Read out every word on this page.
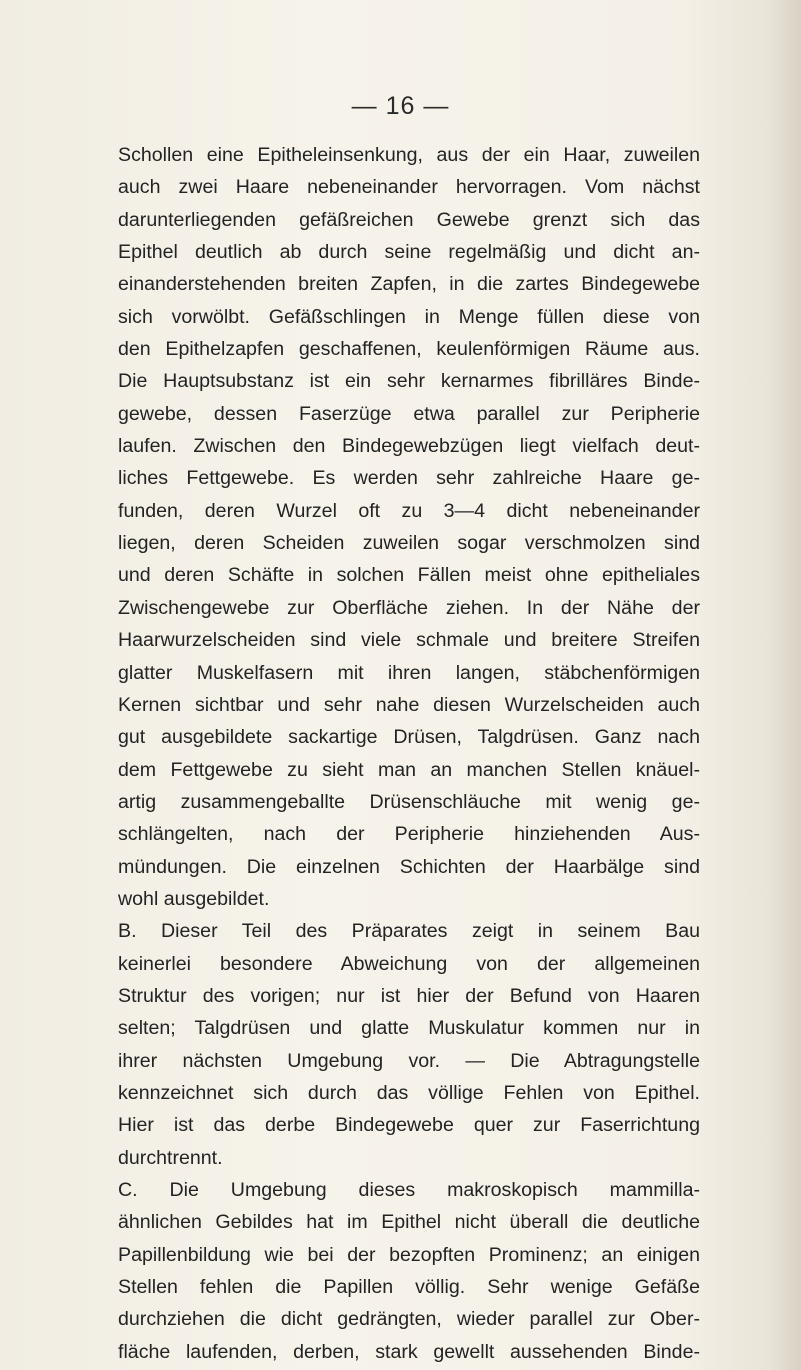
— 16 —
Schollen eine Epitheleinsenkung, aus der ein Haar, zuweilen
auch zwei Haare nebeneinander hervorragen. Vom nächst
darunterliegenden gefäßreichen Gewebe grenzt sich das
Epithel deutlich ab durch seine regelmäßig und dicht an-
einanderstehenden breiten Zapfen, in die zartes Bindegewebe
sich vorwölbt. Gefäßschlingen in Menge füllen diese von
den Epithelzapfen geschaffenen, keulenförmigen Räume aus.
Die Hauptsubstanz ist ein sehr kernarmes fibrilläres Binde-
gewebe, dessen Faserzüge etwa parallel zur Peripherie
laufen. Zwischen den Bindegewebzügen liegt vielfach deut-
liches Fettgewebe. Es werden sehr zahlreiche Haare ge-
funden, deren Wurzel oft zu 3—4 dicht nebeneinander
liegen, deren Scheiden zuweilen sogar verschmolzen sind
und deren Schäfte in solchen Fällen meist ohne epitheliales
Zwischengewebe zur Oberfläche ziehen. In der Nähe der
Haarwurzelscheiden sind viele schmale und breitere Streifen
glatter Muskelfasern mit ihren langen, stäbchenförmigen
Kernen sichtbar und sehr nahe diesen Wurzelscheiden auch
gut ausgebildete sackartige Drüsen, Talgdrüsen. Ganz nach
dem Fettgewebe zu sieht man an manchen Stellen knäuel-
artig zusammengeballte Drüsenschläuche mit wenig ge-
schlängelten, nach der Peripherie hinziehenden Aus-
mündungen. Die einzelnen Schichten der Haarbälge sind
wohl ausgebildet.
B. Dieser Teil des Präparates zeigt in seinem Bau
keinerlei besondere Abweichung von der allgemeinen
Struktur des vorigen; nur ist hier der Befund von Haaren
selten; Talgdrüsen und glatte Muskulatur kommen nur in
ihrer nächsten Umgebung vor. — Die Abtragungstelle
kennzeichnet sich durch das völlige Fehlen von Epithel.
Hier ist das derbe Bindegewebe quer zur Faserrichtung
durchtrennt.
C. Die Umgebung dieses makroskopisch mammilla-
ähnlichen Gebildes hat im Epithel nicht überall die deutliche
Papillenbildung wie bei der bezopften Prominenz; an einigen
Stellen fehlen die Papillen völlig. Sehr wenige Gefäße
durchziehen die dicht gedrängten, wieder parallel zur Ober-
fläche laufenden, derben, stark gewellt aussehenden Binde-
